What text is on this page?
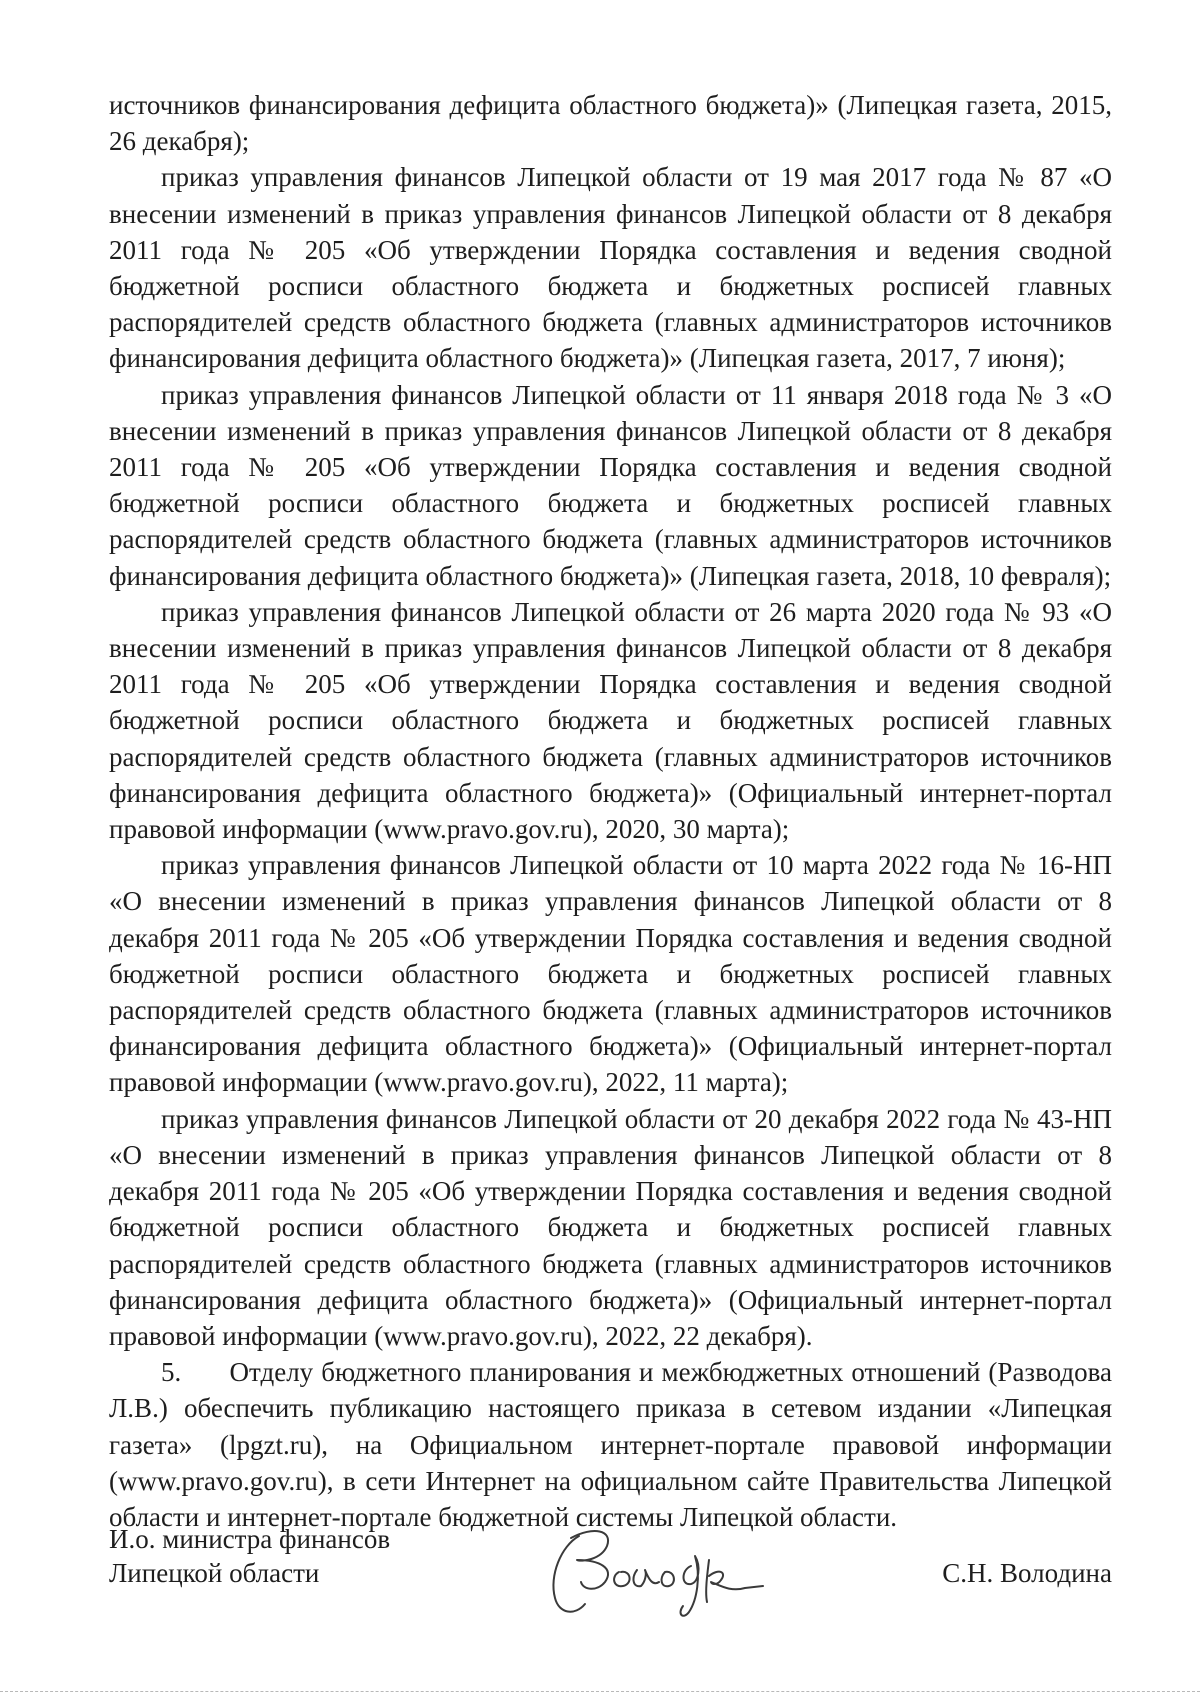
источников финансирования дефицита областного бюджета)» (Липецкая газета, 2015, 26 декабря);

приказ управления финансов Липецкой области от 19 мая 2017 года № 87 «О внесении изменений в приказ управления финансов Липецкой области от 8 декабря 2011 года № 205 «Об утверждении Порядка составления и ведения сводной бюджетной росписи областного бюджета и бюджетных росписей главных распорядителей средств областного бюджета (главных администраторов источников финансирования дефицита областного бюджета)» (Липецкая газета, 2017, 7 июня);

приказ управления финансов Липецкой области от 11 января 2018 года № 3 «О внесении изменений в приказ управления финансов Липецкой области от 8 декабря 2011 года № 205 «Об утверждении Порядка составления и ведения сводной бюджетной росписи областного бюджета и бюджетных росписей главных распорядителей средств областного бюджета (главных администраторов источников финансирования дефицита областного бюджета)» (Липецкая газета, 2018, 10 февраля);

приказ управления финансов Липецкой области от 26 марта 2020 года № 93 «О внесении изменений в приказ управления финансов Липецкой области от 8 декабря 2011 года № 205 «Об утверждении Порядка составления и ведения сводной бюджетной росписи областного бюджета и бюджетных росписей главных распорядителей средств областного бюджета (главных администраторов источников финансирования дефицита областного бюджета)» (Официальный интернет-портал правовой информации (www.pravo.gov.ru), 2020, 30 марта);

приказ управления финансов Липецкой области от 10 марта 2022 года № 16-НП «О внесении изменений в приказ управления финансов Липецкой области от 8 декабря 2011 года № 205 «Об утверждении Порядка составления и ведения сводной бюджетной росписи областного бюджета и бюджетных росписей главных распорядителей средств областного бюджета (главных администраторов источников финансирования дефицита областного бюджета)» (Официальный интернет-портал правовой информации (www.pravo.gov.ru), 2022, 11 марта);

приказ управления финансов Липецкой области от 20 декабря 2022 года № 43-НП «О внесении изменений в приказ управления финансов Липецкой области от 8 декабря 2011 года № 205 «Об утверждении Порядка составления и ведения сводной бюджетной росписи областного бюджета и бюджетных росписей главных распорядителей средств областного бюджета (главных администраторов источников финансирования дефицита областного бюджета)» (Официальный интернет-портал правовой информации (www.pravo.gov.ru), 2022, 22 декабря).

5.      Отделу бюджетного планирования и межбюджетных отношений (Разводова Л.В.) обеспечить публикацию настоящего приказа в сетевом издании «Липецкая газета» (lpgzt.ru), на Официальном интернет-портале правовой информации (www.pravo.gov.ru), в сети Интернет на официальном сайте Правительства Липецкой области и интернет-портале бюджетной системы Липецкой области.

И.о. министра финансов
Липецкой области	С.Н. Володина
